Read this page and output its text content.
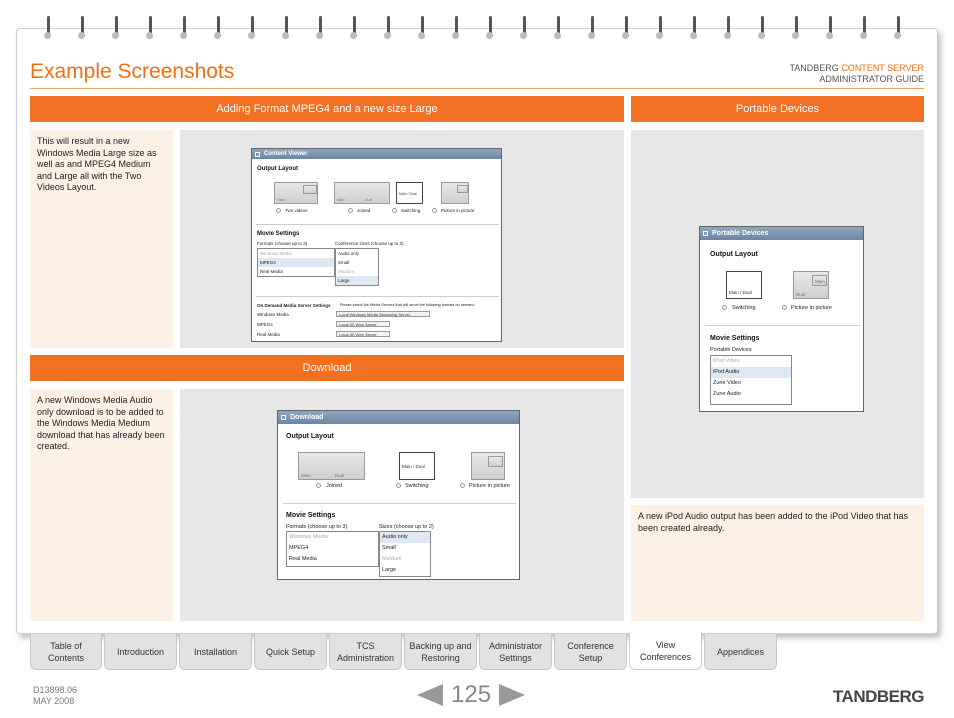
Example Screenshots	TANDBERG CONTENT SERVER
ADMINISTRATOR GUIDE
Adding Format MPEG4 and a new size Large	Portable Devices
Download
This will result in a new Windows Media Large size as well as and MPEG4 Medium and Large all with the Two Videos Layout.
A new Windows Media Audio only download is to be added to the Windows Media Medium download that has already been created.
A new iPod Audio output has been added to the iPod Video that has been created already.
- Content Viewer
Output Layout
Main	Main	Dual
Main / Dual
Two videos	Joined	Switching	Picture in picture
Movie Settings
Formats (choose up to 3)	Conference sizes (choose up to 2)
Windows Media
MPEG4
Real Media
Audio only
Small
Medium
Large
On Demand Media Server Settings Please select the Media Servers that will serve the following formats on demand
Windows Media	Local Windows Media Streaming Server
MPEG4	Local IIS Web Server
Real Media	Local IIS Web Server
- Portable Devices
Output Layout
Main / Dual
Main
Dual
Switching	Picture in picture
Movie Settings
Portable Devices
iPod Video
iPod Audio
Zune Video
Zune Audio
- Download
Output Layout
Main	Dual
Main / Dual
Joined	Switching	Picture in picture
Movie Settings
Formats (choose up to 3)	Sizes (choose up to 2)
Windows Media
MPEG4
Real Media
Audio only
Small
Medium
Large
Table of Contents
Introduction	Installation	Quick Setup
TCS Administration
Backing up and Restoring
Administrator Settings
Conference Setup
View Conferences	Appendices
D13898.06
MAY 2008	125	TANDBERG
